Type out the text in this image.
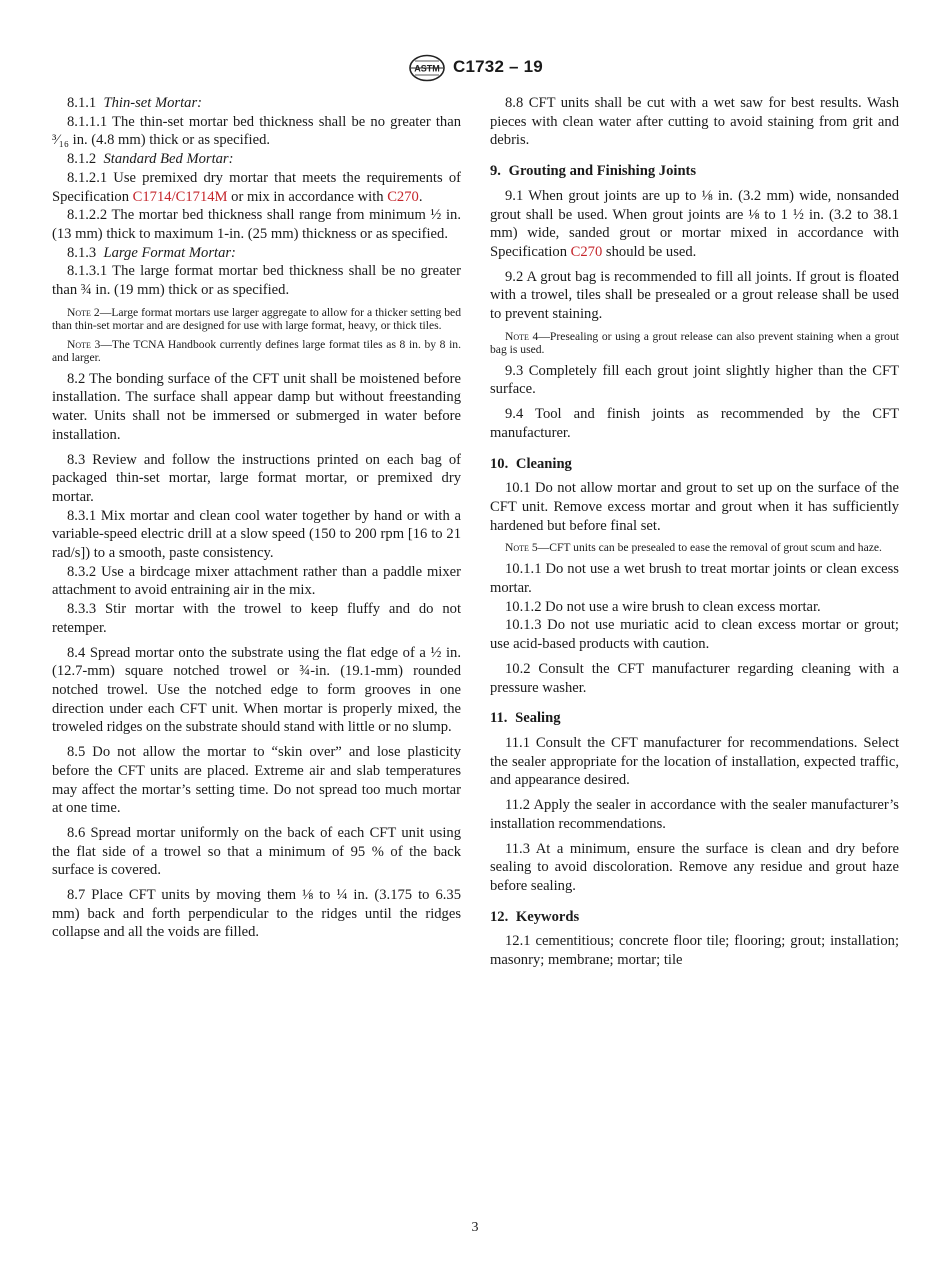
ASTM C1732 – 19

8.1.1 Thin-set Mortar:

8.1.1.1 The thin-set mortar bed thickness shall be no greater than ³⁄₁₆ in. (4.8 mm) thick or as specified.

8.1.2 Standard Bed Mortar:

8.1.2.1 Use premixed dry mortar that meets the requirements of Specification C1714/C1714M or mix in accordance with C270.

8.1.2.2 The mortar bed thickness shall range from minimum ½ in. (13 mm) thick to maximum 1-in. (25 mm) thickness or as specified.

8.1.3 Large Format Mortar:

8.1.3.1 The large format mortar bed thickness shall be no greater than ¾ in. (19 mm) thick or as specified.

Note 2—Large format mortars use larger aggregate to allow for a thicker setting bed than thin-set mortar and are designed for use with large format, heavy, or thick tiles.
Note 3—The TCNA Handbook currently defines large format tiles as 8 in. by 8 in. and larger.

8.2 The bonding surface of the CFT unit shall be moistened before installation. The surface shall appear damp but without freestanding water. Units shall not be immersed or submerged in water before installation.

8.3 Review and follow the instructions printed on each bag of packaged thin-set mortar, large format mortar, or premixed dry mortar.

8.3.1 Mix mortar and clean cool water together by hand or with a variable-speed electric drill at a slow speed (150 to 200 rpm [16 to 21 rad/s]) to a smooth, paste consistency.

8.3.2 Use a birdcage mixer attachment rather than a paddle mixer attachment to avoid entraining air in the mix.

8.3.3 Stir mortar with the trowel to keep fluffy and do not retemper.

8.4 Spread mortar onto the substrate using the flat edge of a ½ in. (12.7-mm) square notched trowel or ¾-in. (19.1-mm) rounded notched trowel. Use the notched edge to form grooves in one direction under each CFT unit. When mortar is properly mixed, the troweled ridges on the substrate should stand with little or no slump.

8.5 Do not allow the mortar to “skin over” and lose plasticity before the CFT units are placed. Extreme air and slab temperatures may affect the mortar’s setting time. Do not spread too much mortar at one time.

8.6 Spread mortar uniformly on the back of each CFT unit using the flat side of a trowel so that a minimum of 95 % of the back surface is covered.

8.7 Place CFT units by moving them ⅛ to ¼ in. (3.175 to 6.35 mm) back and forth perpendicular to the ridges until the ridges collapse and all the voids are filled.

8.8 CFT units shall be cut with a wet saw for best results. Wash pieces with clean water after cutting to avoid staining from grit and debris.

9. Grouting and Finishing Joints

9.1 When grout joints are up to ⅛ in. (3.2 mm) wide, nonsanded grout shall be used. When grout joints are ⅛ to 1 ½ in. (3.2 to 38.1 mm) wide, sanded grout or mortar mixed in accordance with Specification C270 should be used.

9.2 A grout bag is recommended to fill all joints. If grout is floated with a trowel, tiles shall be presealed or a grout release shall be used to prevent staining.

Note 4—Presealing or using a grout release can also prevent staining when a grout bag is used.

9.3 Completely fill each grout joint slightly higher than the CFT surface.

9.4 Tool and finish joints as recommended by the CFT manufacturer.

10. Cleaning

10.1 Do not allow mortar and grout to set up on the surface of the CFT unit. Remove excess mortar and grout when it has sufficiently hardened but before final set.

Note 5—CFT units can be presealed to ease the removal of grout scum and haze.

10.1.1 Do not use a wet brush to treat mortar joints or clean excess mortar.

10.1.2 Do not use a wire brush to clean excess mortar.

10.1.3 Do not use muriatic acid to clean excess mortar or grout; use acid-based products with caution.

10.2 Consult the CFT manufacturer regarding cleaning with a pressure washer.

11. Sealing

11.1 Consult the CFT manufacturer for recommendations. Select the sealer appropriate for the location of installation, expected traffic, and appearance desired.

11.2 Apply the sealer in accordance with the sealer manufacturer’s installation recommendations.

11.3 At a minimum, ensure the surface is clean and dry before sealing to avoid discoloration. Remove any residue and grout haze before sealing.

12. Keywords

12.1 cementitious; concrete floor tile; flooring; grout; installation; masonry; membrane; mortar; tile

3
